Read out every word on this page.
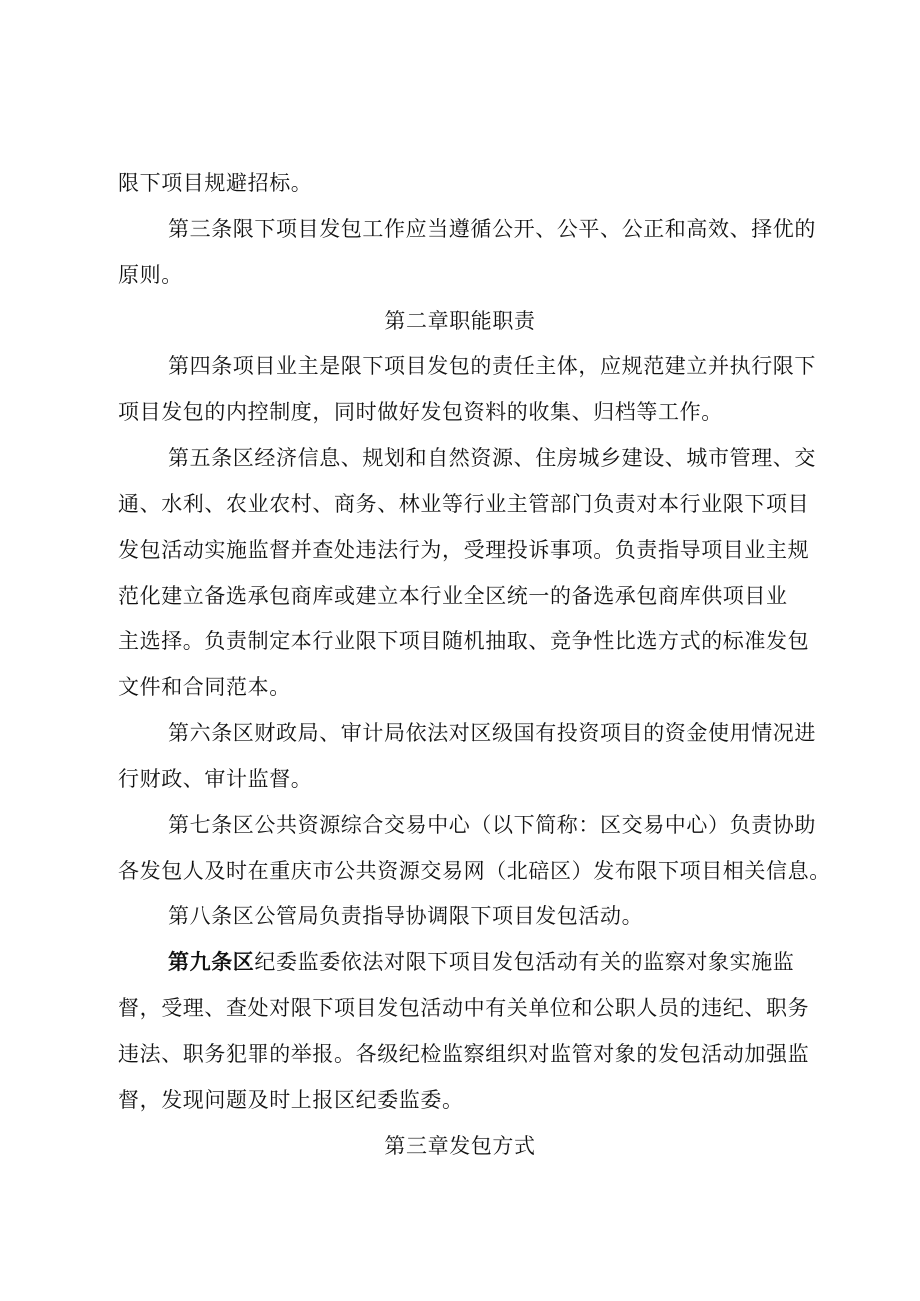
限下项目规避招标。
第三条限下项目发包工作应当遵循公开、公平、公正和高效、择优的
原则。
第二章职能职责
第四条项目业主是限下项目发包的责任主体，应规范建立并执行限下
项目发包的内控制度，同时做好发包资料的收集、归档等工作。
第五条区经济信息、规划和自然资源、住房城乡建设、城市管理、交
通、水利、农业农村、商务、林业等行业主管部门负责对本行业限下项目
发包活动实施监督并查处违法行为，受理投诉事项。负责指导项目业主规
范化建立备选承包商库或建立本行业全区统一的备选承包商库供项目业
主选择。负责制定本行业限下项目随机抽取、竞争性比选方式的标准发包
文件和合同范本。
第六条区财政局、审计局依法对区级国有投资项目的资金使用情况进
行财政、审计监督。
第七条区公共资源综合交易中心（以下简称：区交易中心）负责协助
各发包人及时在重庆市公共资源交易网（北碚区）发布限下项目相关信息。
第八条区公管局负责指导协调限下项目发包活动。
第九条区纪委监委依法对限下项目发包活动有关的监察对象实施监
督，受理、查处对限下项目发包活动中有关单位和公职人员的违纪、职务
违法、职务犯罪的举报。各级纪检监察组织对监管对象的发包活动加强监
督，发现问题及时上报区纪委监委。
第三章发包方式
